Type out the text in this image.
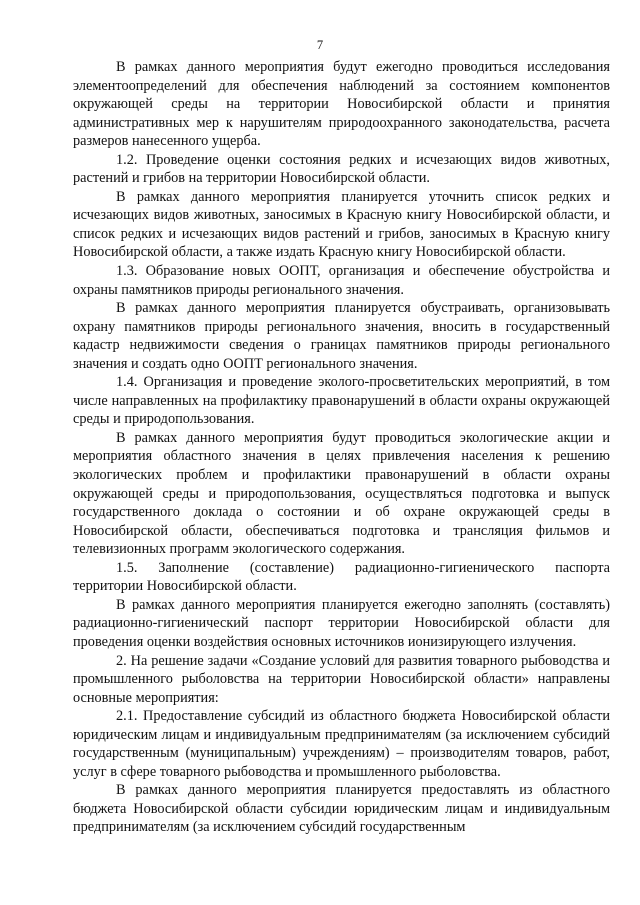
7

В рамках данного мероприятия будут ежегодно проводиться исследования элементоопределений для обеспечения наблюдений за состоянием компонентов окружающей среды на территории Новосибирской области и принятия административных мер к нарушителям природоохранного законодательства, расчета размеров нанесенного ущерба.

1.2. Проведение оценки состояния редких и исчезающих видов животных, растений и грибов на территории Новосибирской области.

В рамках данного мероприятия планируется уточнить список редких и исчезающих видов животных, заносимых в Красную книгу Новосибирской области, и список редких и исчезающих видов растений и грибов, заносимых в Красную книгу Новосибирской области, а также издать Красную книгу Новосибирской области.

1.3. Образование новых ООПТ, организация и обеспечение обустройства и охраны памятников природы регионального значения.

В рамках данного мероприятия планируется обустраивать, организовывать охрану памятников природы регионального значения, вносить в государственный кадастр недвижимости сведения о границах памятников природы регионального значения и создать одно ООПТ регионального значения.

1.4. Организация и проведение эколого-просветительских мероприятий, в том числе направленных на профилактику правонарушений в области охраны окружающей среды и природопользования.

В рамках данного мероприятия будут проводиться экологические акции и мероприятия областного значения в целях привлечения населения к решению экологических проблем и профилактики правонарушений в области охраны окружающей среды и природопользования, осуществляться подготовка и выпуск государственного доклада о состоянии и об охране окружающей среды в Новосибирской области, обеспечиваться подготовка и трансляция фильмов и телевизионных программ экологического содержания.

1.5. Заполнение (составление) радиационно-гигиенического паспорта территории Новосибирской области.

В рамках данного мероприятия планируется ежегодно заполнять (составлять) радиационно-гигиенический паспорт территории Новосибирской области для проведения оценки воздействия основных источников ионизирующего излучения.

2. На решение задачи «Создание условий для развития товарного рыбоводства и промышленного рыболовства на территории Новосибирской области» направлены основные мероприятия:

2.1. Предоставление субсидий из областного бюджета Новосибирской области юридическим лицам и индивидуальным предпринимателям (за исключением субсидий государственным (муниципальным) учреждениям) – производителям товаров, работ, услуг в сфере товарного рыбоводства и промышленного рыболовства.

В рамках данного мероприятия планируется предоставлять из областного бюджета Новосибирской области субсидии юридическим лицам и индивидуальным предпринимателям (за исключением субсидий государственным
